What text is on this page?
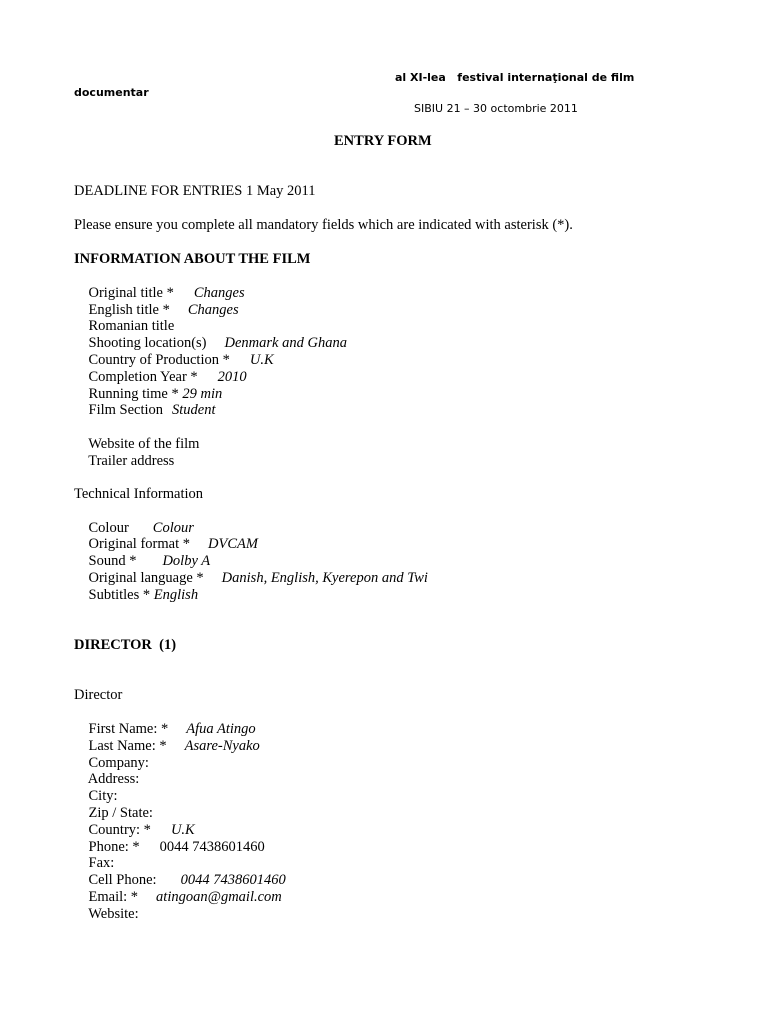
al XI-lea   festival internaţional de film
documentar
SIBIU 21 – 30 octombrie 2011
ENTRY FORM
DEADLINE FOR ENTRIES 1 May 2011
Please ensure you complete all mandatory fields which are indicated with asterisk (*).
INFORMATION ABOUT THE FILM

Original title * Changes

English title * Changes

Romanian title

Shooting location(s) Denmark and Ghana

Country of Production * U.K

Completion Year * 2010

Running time * 29 min

Film Section Student

Website of the film

Trailer address

Technical Information

Colour Colour

Original format * DVCAM

Sound * Dolby A

Original language * Danish, English, Kyerepon and Twi

Subtitles * English

DIRECTOR  (1)
Director

First Name: * Afua Atingo

Last Name: * Asare-Nyako

Company:

Address:

City:

Zip / State:

Country: * U.K

Phone: * 0044 7438601460

Fax:

Cell Phone: 0044 7438601460

Email: * atingoan@gmail.com

Website:
